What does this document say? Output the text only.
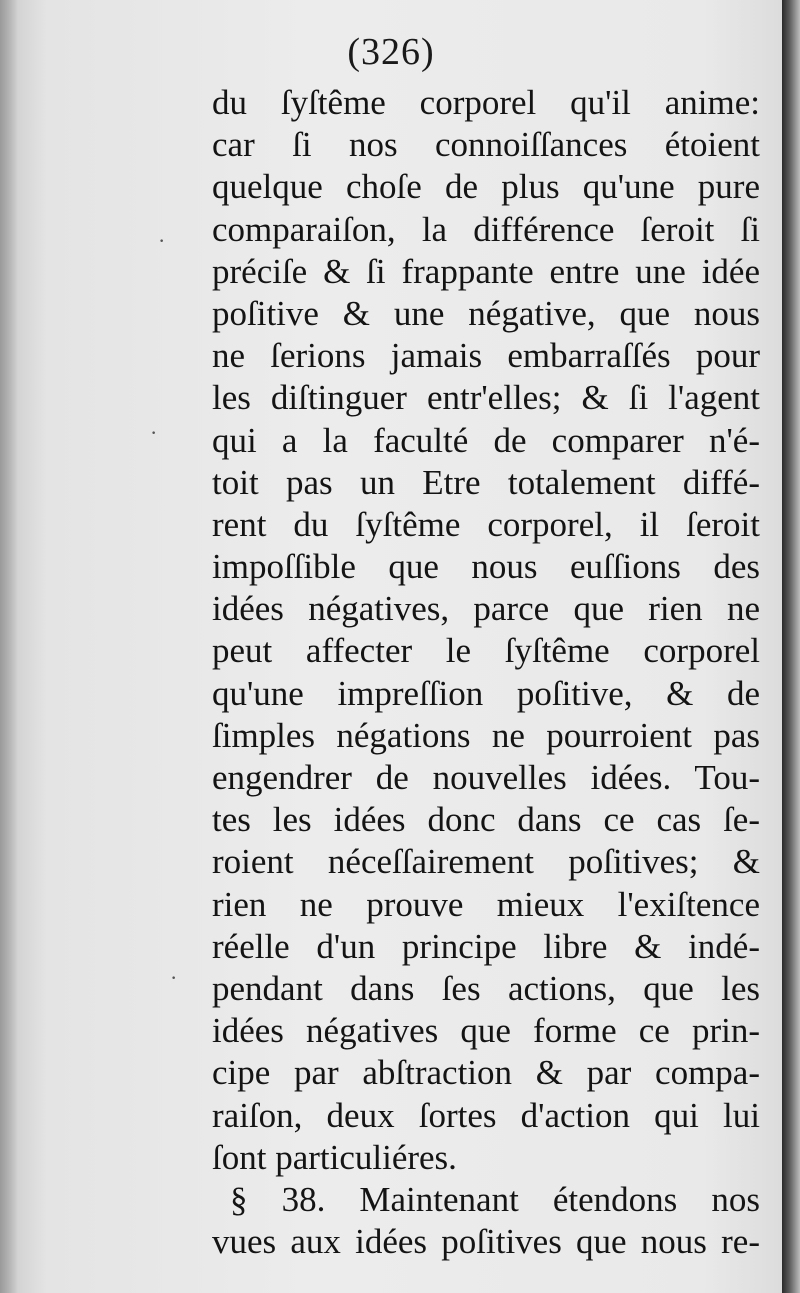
·
·
·
(326)
du ſyſtême corporel qu'il anime:
car ſi nos connoiſſances étoient
quelque choſe de plus qu'une pure
comparaiſon, la différence ſeroit ſi
préciſe & ſi frappante entre une idée
poſitive & une négative, que nous
ne ſerions jamais embarraſſés pour
les diſtinguer entr'elles; & ſi l'agent
qui a la faculté de comparer n'é-
toit pas un Etre totalement diffé-
rent du ſyſtême corporel, il ſeroit
impoſſible que nous euſſions des
idées négatives, parce que rien ne
peut affecter le ſyſtême corporel
qu'une impreſſion poſitive, & de
ſimples négations ne pourroient pas
engendrer de nouvelles idées. Tou-
tes les idées donc dans ce cas ſe-
roient néceſſairement poſitives; &
rien ne prouve mieux l'exiſtence
réelle d'un principe libre & indé-
pendant dans ſes actions, que les
idées négatives que forme ce prin-
cipe par abſtraction & par compa-
raiſon, deux ſortes d'action qui lui
ſont particuliéres.
§ 38. Maintenant étendons nos
vues aux idées poſitives que nous re-
